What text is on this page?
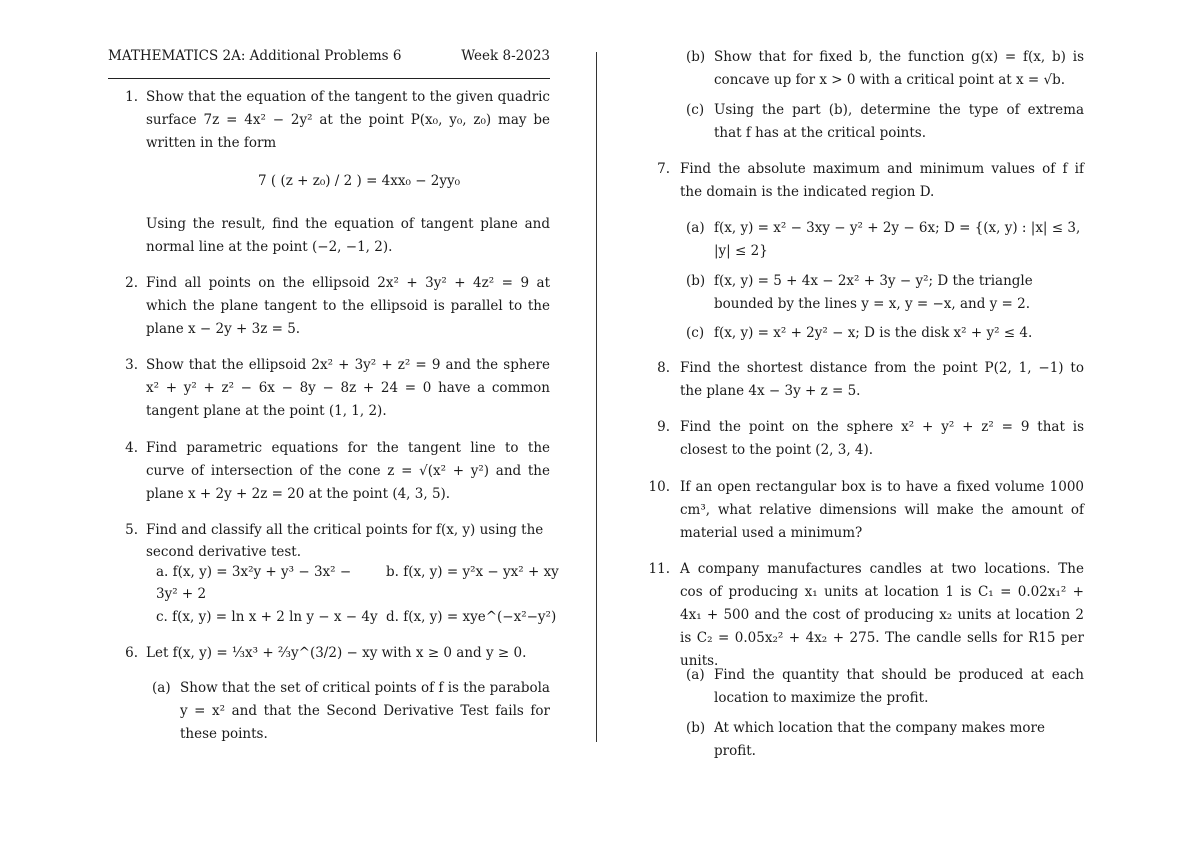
MATHEMATICS 2A: Additional Problems 6	Week 8-2023
1. Show that the equation of the tangent to the given quadric surface 7z = 4x² − 2y² at the point P(x₀, y₀, z₀) may be written in the form
7 ( (z + z₀) / 2 ) = 4xx₀ − 2yy₀
Using the result, find the equation of tangent plane and normal line at the point (−2, −1, 2).
2. Find all points on the ellipsoid 2x² + 3y² + 4z² = 9 at which the plane tangent to the ellipsoid is parallel to the plane x − 2y + 3z = 5.
3. Show that the ellipsoid 2x² + 3y² + z² = 9 and the sphere x² + y² + z² − 6x − 8y − 8z + 24 = 0 have a common tangent plane at the point (1, 1, 2).
4. Find parametric equations for the tangent line to the curve of intersection of the cone z = √(x² + y²) and the plane x + 2y + 2z = 20 at the point (4, 3, 5).
5. Find and classify all the critical points for f(x, y) using the second derivative test.
a. f(x, y) = 3x²y + y³ − 3x² −	b. f(x, y) = y²x − yx² + xy
3y² + 2
c. f(x, y) = ln x + 2 ln y − x − 4y d. f(x, y) = xye^(−x²−y²)
6. Let f(x, y) = ⅓x³ + ⅔y^(3/2) − xy with x ≥ 0 and y ≥ 0.
(a) Show that the set of critical points of f is the parabola y = x² and that the Second Derivative Test fails for these points.
(b) Show that for fixed b, the function g(x) = f(x, b) is concave up for x > 0 with a critical point at x = √b.
(c) Using the part (b), determine the type of extrema that f has at the critical points.
7. Find the absolute maximum and minimum values of f if the domain is the indicated region D.
(a) f(x, y) = x² − 3xy − y² + 2y − 6x; D = {(x, y) : |x| ≤ 3, |y| ≤ 2}
(b) f(x, y) = 5 + 4x − 2x² + 3y − y²; D the triangle bounded by the lines y = x, y = −x, and y = 2.
(c) f(x, y) = x² + 2y² − x; D is the disk x² + y² ≤ 4.
8. Find the shortest distance from the point P(2, 1, −1) to the plane 4x − 3y + z = 5.
9. Find the point on the sphere x² + y² + z² = 9 that is closest to the point (2, 3, 4).
10. If an open rectangular box is to have a fixed volume 1000 cm³, what relative dimensions will make the amount of material used a minimum?
11. A company manufactures candles at two locations. The cos of producing x₁ units at location 1 is C₁ = 0.02x₁² + 4x₁ + 500 and the cost of producing x₂ units at location 2 is C₂ = 0.05x₂² + 4x₂ + 275. The candle sells for R15 per units.
(a) Find the quantity that should be produced at each location to maximize the profit.
(b) At which location that the company makes more profit.
